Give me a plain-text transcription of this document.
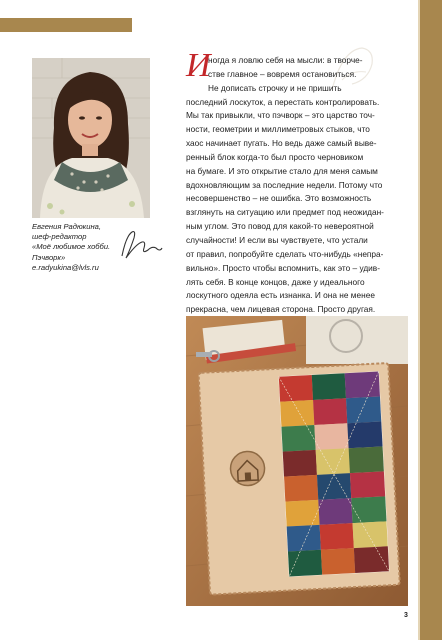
Евгения Радюкина,
шеф-редактор
«Моё любимое хобби.
Пэчворк»
e.radyukina@lvls.ru
И
ногда я ловлю себя на мысли: в творче-
стве главное – вовремя остановиться.
Не дописать строчку и не пришить
последний лоскуток, а перестать контролировать.
Мы так привыкли, что пэчворк – это царство точ-
ности, геометрии и миллиметровых стыков, что
хаос начинает пугать. Но ведь даже самый выве-
ренный блок когда-то был просто черновиком
на бумаге. И это открытие стало для меня самым
вдохновляющим за последние недели. Потому что
несовершенство – не ошибка. Это возможность
взглянуть на ситуацию или предмет под неожидан-
ным углом. Это повод для какой-то невероятной
случайности! И если вы чувствуете, что устали
от правил, попробуйте сделать что-нибудь «непра-
вильно». Просто чтобы вспомнить, как это – удив-
лять себя. В конце концов, даже у идеального
лоскутного одеяла есть изнанка. И она не менее
прекрасна, чем лицевая сторона. Просто другая.
3
